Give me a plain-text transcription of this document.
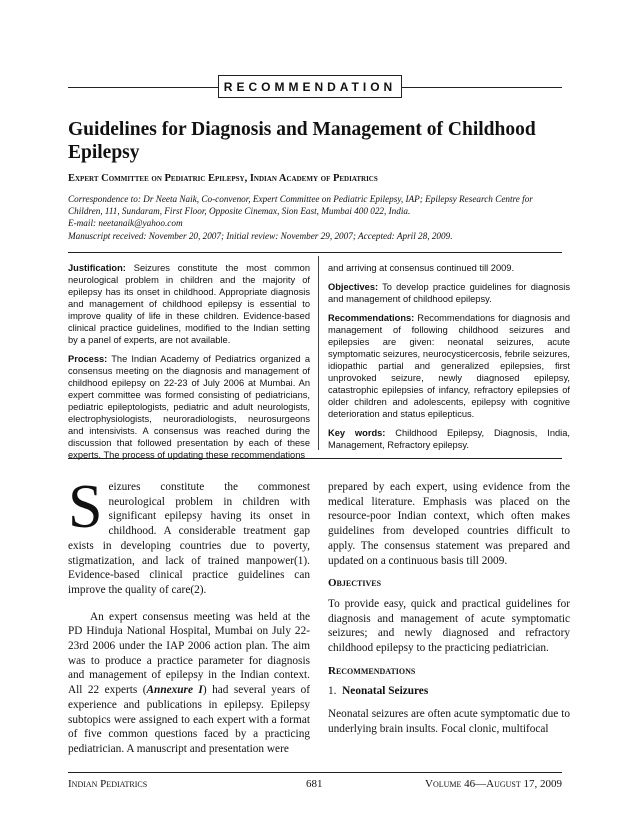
RECOMMENDATION
Guidelines for Diagnosis and Management of Childhood Epilepsy
Expert Committee on Pediatric Epilepsy, Indian Academy of Pediatrics
Correspondence to: Dr Neeta Naik, Co-convenor, Expert Committee on Pediatric Epilepsy, IAP; Epilepsy Research Centre for Children, 111, Sundaram, First Floor, Opposite Cinemax, Sion East, Mumbai 400 022, India.
E-mail: neetanaik@yahoo.com
Manuscript received: November 20, 2007; Initial review: November 29, 2007; Accepted: April 28, 2009.

Justification: Seizures constitute the most common neurological problem in children and the majority of epilepsy has its onset in childhood. Appropriate diagnosis and management of childhood epilepsy is essential to improve quality of life in these children. Evidence-based clinical practice guidelines, modified to the Indian setting by a panel of experts, are not available.

Process: The Indian Academy of Pediatrics organized a consensus meeting on the diagnosis and management of childhood epilepsy on 22-23 of July 2006 at Mumbai. An expert committee was formed consisting of pediatricians, pediatric epileptologists, pediatric and adult neurologists, electrophysiologists, neuroradiologists, neurosurgeons and intensivists. A consensus was reached during the discussion that followed presentation by each of these experts. The process of updating these recommendations

and arriving at consensus continued till 2009.

Objectives: To develop practice guidelines for diagnosis and management of childhood epilepsy.

Recommendations: Recommendations for diagnosis and management of following childhood seizures and epilepsies are given: neonatal seizures, acute symptomatic seizures, neurocysticercosis, febrile seizures, idiopathic partial and generalized epilepsies, first unprovoked seizure, newly diagnosed epilepsy, catastrophic epilepsies of infancy, refractory epilepsies of older children and adolescents, epilepsy with cognitive deterioration and status epilepticus.

Key words: Childhood Epilepsy, Diagnosis, India, Management, Refractory epilepsy.

Seizures constitute the commonest neurological problem in children with significant epilepsy having its onset in childhood. A considerable treatment gap exists in developing countries due to poverty, stigmatization, and lack of trained manpower(1). Evidence-based clinical practice guidelines can improve the quality of care(2).

An expert consensus meeting was held at the PD Hinduja National Hospital, Mumbai on July 22-23rd 2006 under the IAP 2006 action plan. The aim was to produce a practice parameter for diagnosis and management of epilepsy in the Indian context. All 22 experts (Annexure I) had several years of experience and publications in epilepsy. Epilepsy subtopics were assigned to each expert with a format of five common questions faced by a practicing pediatrician. A manuscript and presentation were

prepared by each expert, using evidence from the medical literature. Emphasis was placed on the resource-poor Indian context, which often makes guidelines from developed countries difficult to apply. The consensus statement was prepared and updated on a continuous basis till 2009.

Objectives

To provide easy, quick and practical guidelines for diagnosis and management of acute symptomatic seizures; and newly diagnosed and refractory childhood epilepsy to the practicing pediatrician.

Recommendations

1. Neonatal Seizures

Neonatal seizures are often acute symptomatic due to underlying brain insults. Focal clonic, multifocal

Indian Pediatrics	681	Volume 46—August 17, 2009
